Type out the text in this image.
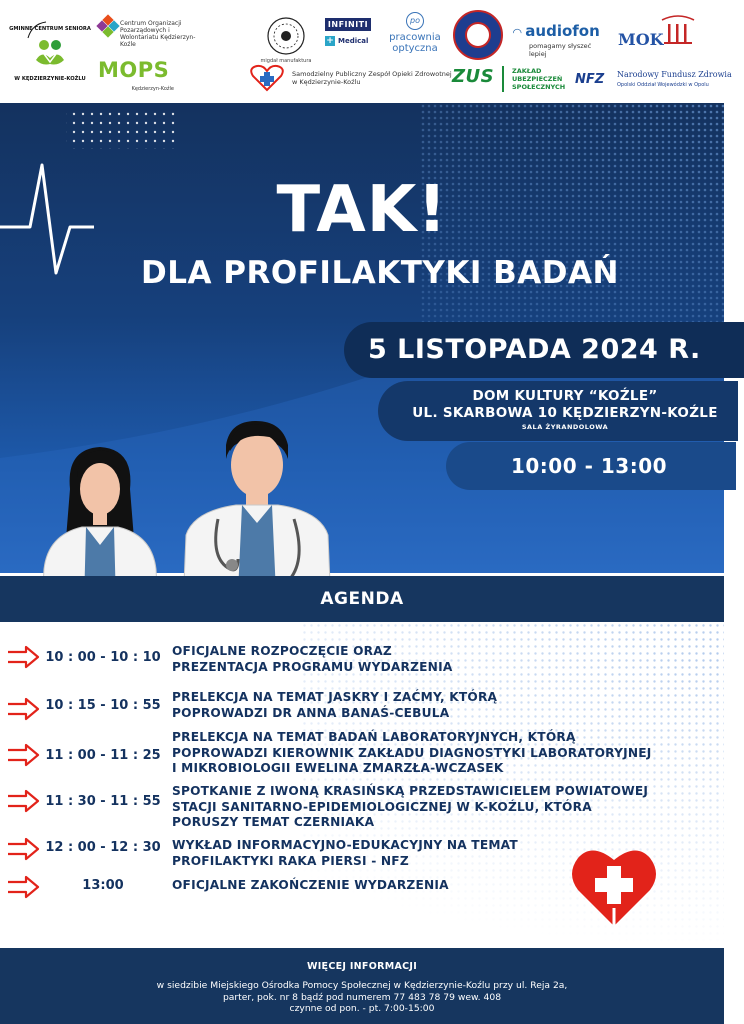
GMINNE CENTRUM SENIORA
W KĘDZIERZYNIE-KOŹLU
Centrum Organizacji Pozarządowych i Wolontariatu Kędzierzyn-Koźle
MOPS
Kędzierzyn-Koźle
migdał manufaktura
INFINITI
+ Medical
po
pracownia optyczna
◠ audiofon
pomagamy słyszeć lepiej
MOK
Samodzielny Publiczny Zespół Opieki Zdrowotnej w Kędzierzynie-Koźlu	ZUS	ZAKŁAD UBEZPIECZEŃ SPOŁECZNYCH NFZ Narodowy Fundusz Zdrowia
Opolski Oddział Wojewódzki w Opolu
TAK!
DLA PROFILAKTYKI BADAŃ
5 LISTOPADA 2024 R.
DOM KULTURY “KOŹLE”
UL. SKARBOWA 10 KĘDZIERZYN-KOŹLE
SALA ŻYRANDOLOWA
10:00 - 13:00
AGENDA
10 : 00 - 10 : 10 OFICJALNE ROZPOCZĘCIE ORAZ
PREZENTACJA PROGRAMU WYDARZENIA
10 : 15 - 10 : 55
PRELEKCJA NA TEMAT JASKRY I ZAĆMY, KTÓRĄ
POPROWADZI DR ANNA BANAŚ-CEBULA
11 : 00 - 11 : 25
PRELEKCJA NA TEMAT BADAŃ LABORATORYJNYCH, KTÓRĄ
POPROWADZI KIEROWNIK ZAKŁADU DIAGNOSTYKI LABORATORYJNEJ
I MIKROBIOLOGII EWELINA ZMARZŁA-WCZASEK
11 : 30 - 11 : 55
SPOTKANIE Z IWONĄ KRASIŃSKĄ PRZEDSTAWICIELEM POWIATOWEJ
STACJI SANITARNO-EPIDEMIOLOGICZNEJ W K-KOŹLU, KTÓRA
PORUSZY TEMAT CZERNIAKA
12 : 00 - 12 : 30 WYKŁAD INFORMACYJNO-EDUKACYJNY NA TEMAT
PROFILAKTYKI RAKA PIERSI - NFZ
13:00	OFICJALNE ZAKOŃCZENIE WYDARZENIA
WIĘCEJ INFORMACJI
w siedzibie Miejskiego Ośrodka Pomocy Społecznej w Kędzierzynie-Koźlu przy ul. Reja 2a,
parter, pok. nr 8 bądź pod numerem 77 483 78 79 wew. 408
czynne od pon. - pt. 7:00-15:00
